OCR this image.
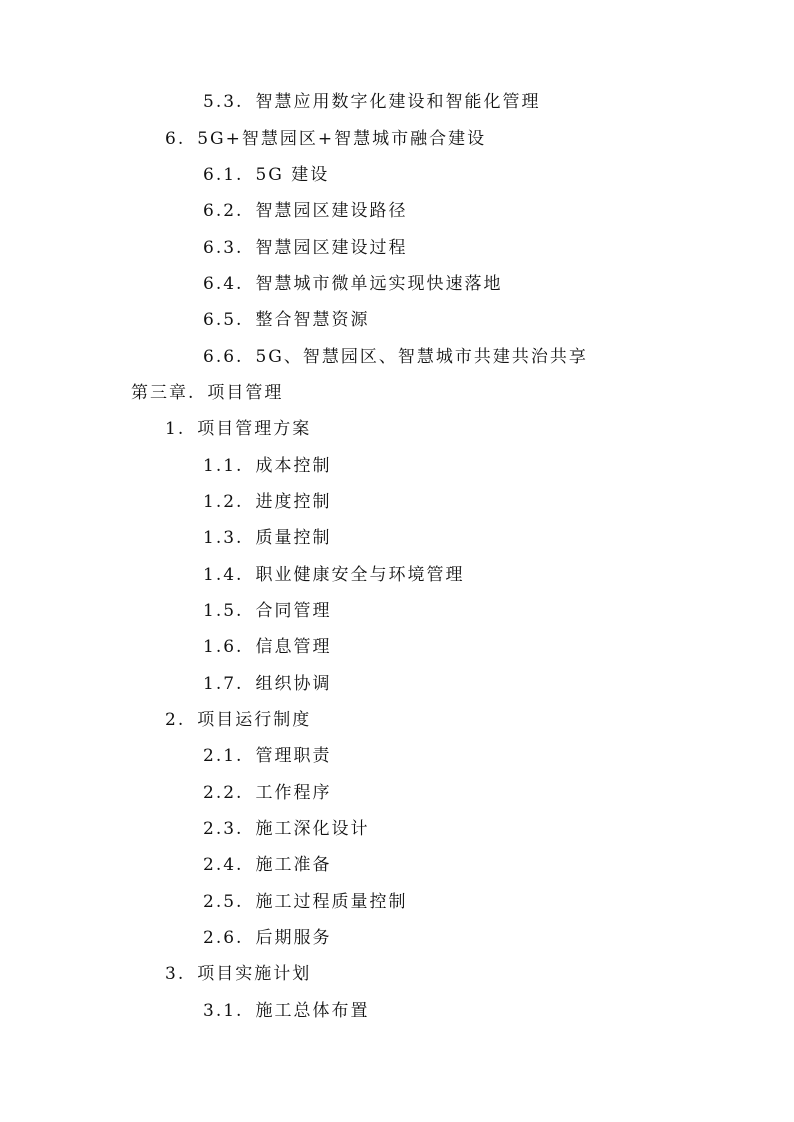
5.3. 智慧应用数字化建设和智能化管理
6. 5G+智慧园区+智慧城市融合建设
6.1. 5G 建设
6.2. 智慧园区建设路径
6.3. 智慧园区建设过程
6.4. 智慧城市微单远实现快速落地
6.5. 整合智慧资源
6.6. 5G、智慧园区、智慧城市共建共治共享
第三章. 项目管理
1. 项目管理方案
1.1. 成本控制
1.2. 进度控制
1.3. 质量控制
1.4. 职业健康安全与环境管理
1.5. 合同管理
1.6. 信息管理
1.7. 组织协调
2. 项目运行制度
2.1. 管理职责
2.2. 工作程序
2.3. 施工深化设计
2.4. 施工准备
2.5. 施工过程质量控制
2.6. 后期服务
3. 项目实施计划
3.1. 施工总体布置
